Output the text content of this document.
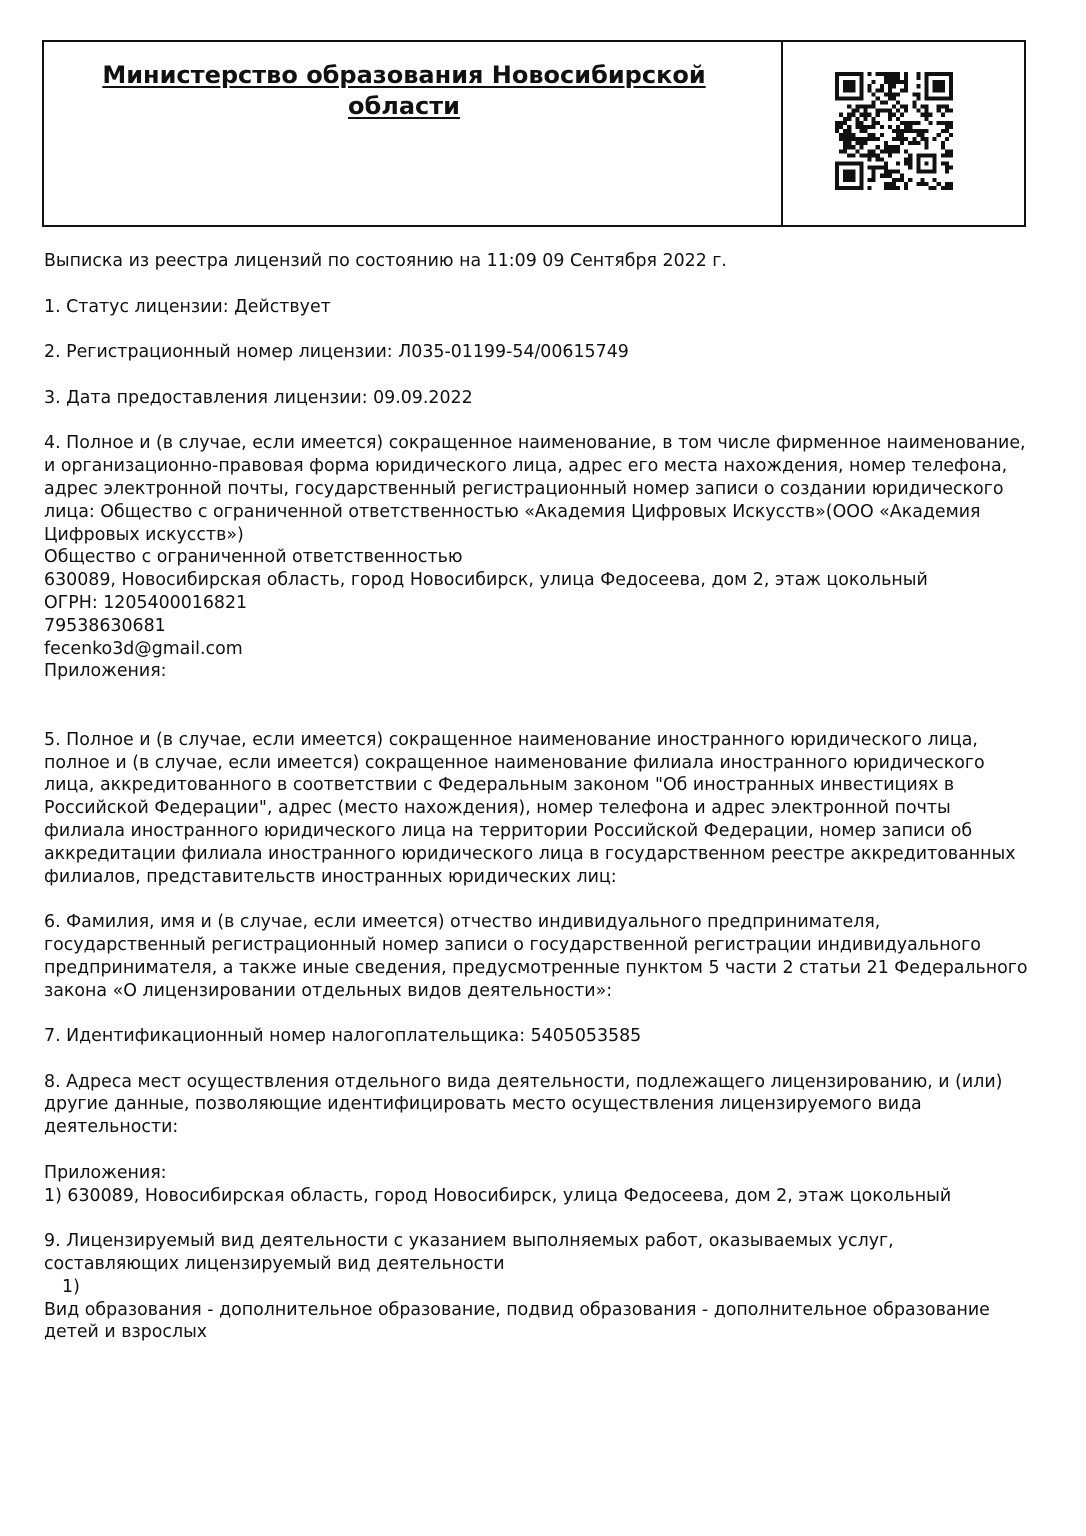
Министерство образования Новосибирской области

Выписка из реестра лицензий по состоянию на 11:09 09 Сентября 2022 г.

1. Статус лицензии: Действует

2. Регистрационный номер лицензии: Л035-01199-54/00615749

3. Дата предоставления лицензии: 09.09.2022

4. Полное и (в случае, если имеется) сокращенное наименование, в том числе фирменное наименование, и организационно-правовая форма юридического лица, адрес его места нахождения, номер телефона, адрес электронной почты, государственный регистрационный номер записи о создании юридического лица: Общество с ограниченной ответственностью «Академия Цифровых Искусств»(ООО «Академия Цифровых искусств»)

Общество с ограниченной ответственностью

630089, Новосибирская область, город Новосибирск, улица Федосеева, дом 2, этаж цокольный

ОГРН: 1205400016821

79538630681

fecenko3d@gmail.com

Приложения:

5. Полное и (в случае, если имеется) сокращенное наименование иностранного юридического лица, полное и (в случае, если имеется) сокращенное наименование филиала иностранного юридического лица, аккредитованного в соответствии с Федеральным законом "Об иностранных инвестициях в Российской Федерации", адрес (место нахождения), номер телефона и адрес электронной почты филиала иностранного юридического лица на территории Российской Федерации, номер записи об аккредитации филиала иностранного юридического лица в государственном реестре аккредитованных филиалов, представительств иностранных юридических лиц:

6. Фамилия, имя и (в случае, если имеется) отчество индивидуального предпринимателя, государственный регистрационный номер записи о государственной регистрации индивидуального предпринимателя, а также иные сведения, предусмотренные пунктом 5 части 2 статьи 21 Федерального закона «О лицензировании отдельных видов деятельности»:

7. Идентификационный номер налогоплательщика: 5405053585

8. Адреса мест осуществления отдельного вида деятельности, подлежащего лицензированию, и (или) другие данные, позволяющие идентифицировать место осуществления лицензируемого вида деятельности:

Приложения:

1) 630089, Новосибирская область, город Новосибирск, улица Федосеева, дом 2, этаж цокольный

9. Лицензируемый вид деятельности с указанием выполняемых работ, оказываемых услуг, составляющих лицензируемый вид деятельности

1)

Вид образования - дополнительное образование, подвид образования - дополнительное образование детей и взрослых
